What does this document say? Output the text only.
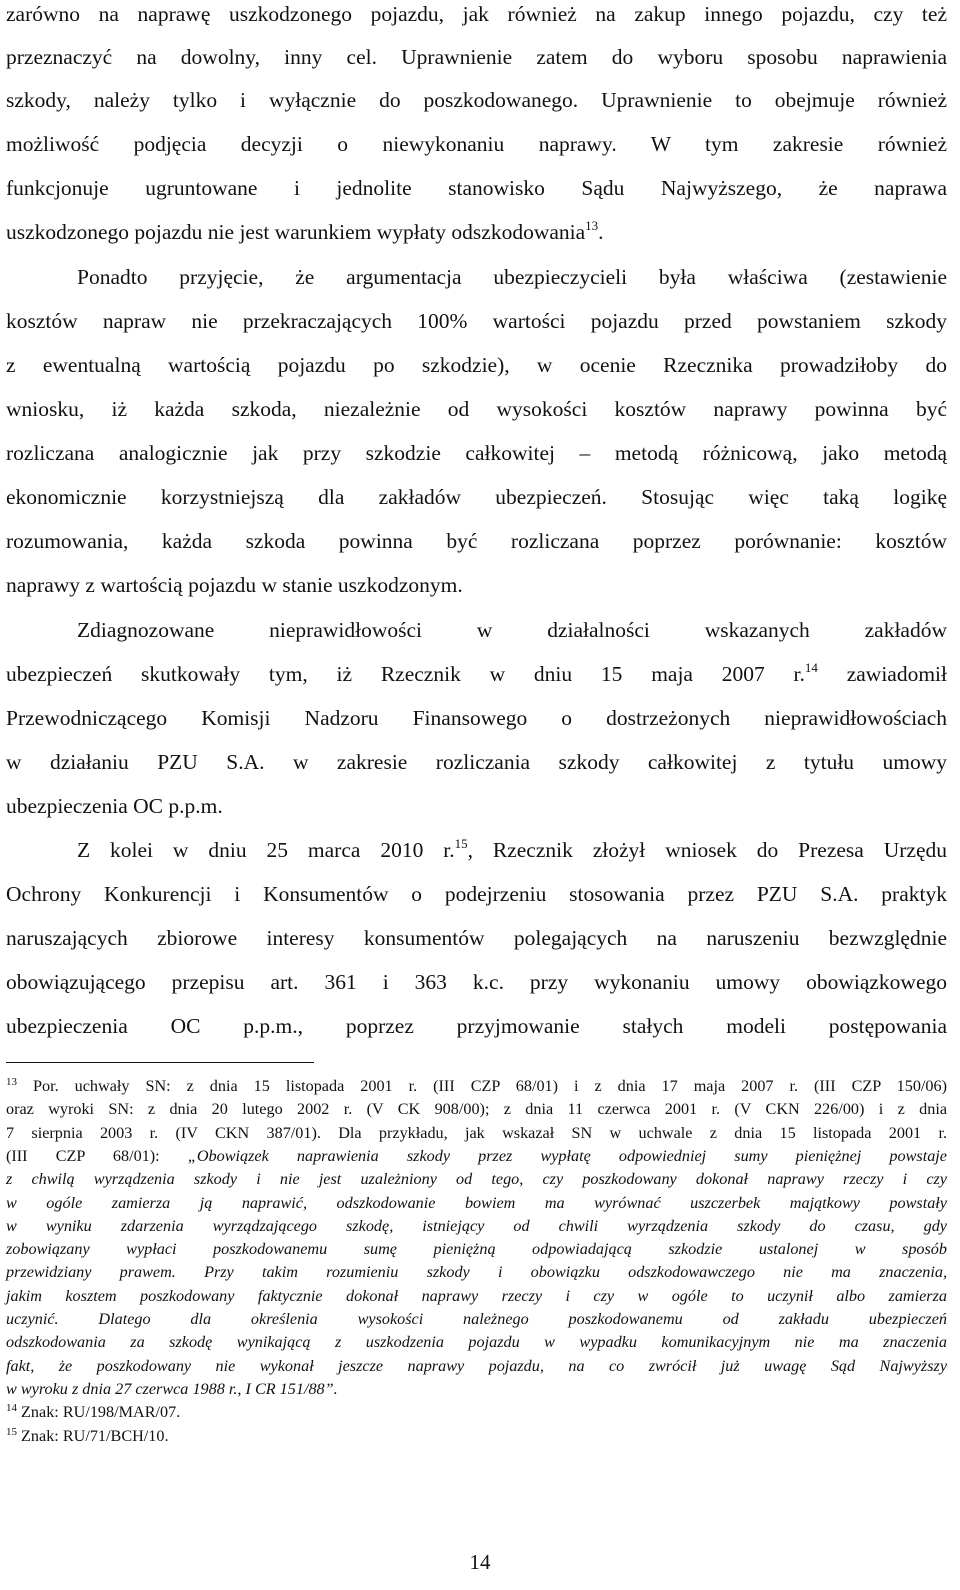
zarówno na naprawę uszkodzonego pojazdu, jak również na zakup innego pojazdu, czy też
przeznaczyć na dowolny, inny cel. Uprawnienie zatem do wyboru sposobu naprawienia
szkody, należy tylko i wyłącznie do poszkodowanego. Uprawnienie to obejmuje również
możliwość podjęcia decyzji o niewykonaniu naprawy. W tym zakresie również
funkcjonuje ugruntowane i jednolite stanowisko Sądu Najwyższego, że naprawa
uszkodzonego pojazdu nie jest warunkiem wypłaty odszkodowania$^{13}$.
Ponadto przyjęcie, że argumentacja ubezpieczycieli była właściwa (zestawienie
kosztów napraw nie przekraczających 100% wartości pojazdu przed powstaniem szkody
z ewentualną wartością pojazdu po szkodzie), w ocenie Rzecznika prowadziłoby do
wniosku, iż każda szkoda, niezależnie od wysokości kosztów naprawy powinna być
rozliczana analogicznie jak przy szkodzie całkowitej – metodą różnicową, jako metodą
ekonomicznie korzystniejszą dla zakładów ubezpieczeń. Stosując więc taką logikę
rozumowania, każda szkoda powinna być rozliczana poprzez porównanie: kosztów
naprawy z wartością pojazdu w stanie uszkodzonym.
Zdiagnozowane nieprawidłowości w działalności wskazanych zakładów
ubezpieczeń skutkowały tym, iż Rzecznik w dniu 15 maja 2007 r.$^{14}$ zawiadomił
Przewodniczącego Komisji Nadzoru Finansowego o dostrzeżonych nieprawidłowościach
w działaniu PZU S.A. w zakresie rozliczania szkody całkowitej z tytułu umowy
ubezpieczenia OC p.p.m.
Z kolei w dniu 25 marca 2010 r.$^{15}$, Rzecznik złożył wniosek do Prezesa Urzędu
Ochrony Konkurencji i Konsumentów o podejrzeniu stosowania przez PZU S.A. praktyk
naruszających zbiorowe interesy konsumentów polegających na naruszeniu bezwzględnie
obowiązującego przepisu art. 361 i 363 k.c. przy wykonaniu umowy obowiązkowego
ubezpieczenia OC p.p.m., poprzez przyjmowanie stałych modeli postępowania
$^{13}$ Por. uchwały SN: z dnia 15 listopada 2001 r. (III CZP 68/01) i z dnia 17 maja 2007 r. (III CZP 150/06)
oraz wyroki SN: z dnia 20 lutego 2002 r. (V CK 908/00); z dnia 11 czerwca 2001 r. (V CKN 226/00) i z dnia
7 sierpnia 2003 r. (IV CKN 387/01). Dla przykładu, jak wskazał SN w uchwale z dnia 15 listopada 2001 r.
(III CZP 68/01): „Obowiązek naprawienia szkody przez wypłatę odpowiedniej sumy pieniężnej powstaje
z chwilą wyrządzenia szkody i nie jest uzależniony od tego, czy poszkodowany dokonał naprawy rzeczy i czy
w ogóle zamierza ją naprawić, odszkodowanie bowiem ma wyrównać uszczerbek majątkowy powstały
w wyniku zdarzenia wyrządzającego szkodę, istniejący od chwili wyrządzenia szkody do czasu, gdy
zobowiązany wypłaci poszkodowanemu sumę pieniężną odpowiadającą szkodzie ustalonej w sposób
przewidziany prawem. Przy takim rozumieniu szkody i obowiązku odszkodowawczego nie ma znaczenia,
14
jakim kosztem poszkodowany faktycznie dokonał naprawy rzeczy i czy w ogóle to uczynił albo zamierza
uczynić. Dlatego dla określenia wysokości należnego poszkodowanemu od zakładu ubezpieczeń
odszkodowania za szkodę wynikającą z uszkodzenia pojazdu w wypadku komunikacyjnym nie ma znaczenia
fakt, że poszkodowany nie wykonał jeszcze naprawy pojazdu, na co zwrócił już uwagę Sąd Najwyższy
w wyroku z dnia 27 czerwca 1988 r., I CR 151/88”.
$^{14}$ Znak: RU/198/MAR/07.
$^{15}$ Znak: RU/71/BCH/10.
